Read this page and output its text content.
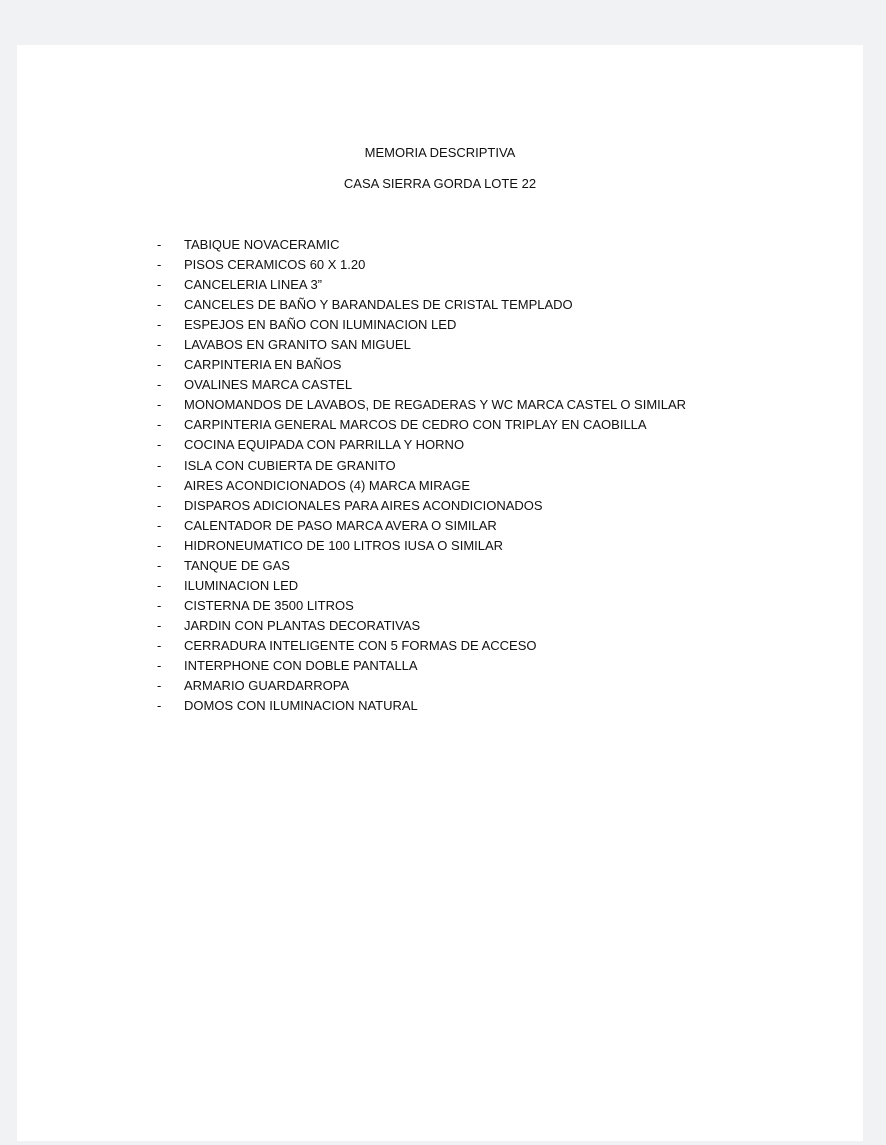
MEMORIA DESCRIPTIVA
CASA SIERRA GORDA LOTE 22
-	TABIQUE NOVACERAMIC
-	PISOS CERAMICOS 60 X 1.20
-	CANCELERIA LINEA 3”
-	CANCELES DE BAÑO Y BARANDALES DE CRISTAL TEMPLADO
-	ESPEJOS EN BAÑO CON ILUMINACION LED
-	LAVABOS EN GRANITO SAN MIGUEL
-	CARPINTERIA EN BAÑOS
-	OVALINES MARCA CASTEL
-	MONOMANDOS DE LAVABOS, DE REGADERAS Y WC MARCA CASTEL O SIMILAR
-	CARPINTERIA GENERAL MARCOS DE CEDRO CON TRIPLAY EN CAOBILLA
-	COCINA EQUIPADA CON PARRILLA Y HORNO
-	ISLA CON CUBIERTA DE GRANITO
-	AIRES ACONDICIONADOS (4) MARCA MIRAGE
-	DISPAROS ADICIONALES PARA AIRES ACONDICIONADOS
-	CALENTADOR DE PASO MARCA AVERA O SIMILAR
-	HIDRONEUMATICO DE 100 LITROS IUSA O SIMILAR
-	TANQUE DE GAS
-	ILUMINACION LED
-	CISTERNA DE 3500 LITROS
-	JARDIN CON PLANTAS DECORATIVAS
-	CERRADURA INTELIGENTE CON 5 FORMAS DE ACCESO
-	INTERPHONE CON DOBLE PANTALLA
-	ARMARIO GUARDARROPA
-	DOMOS CON ILUMINACION NATURAL
